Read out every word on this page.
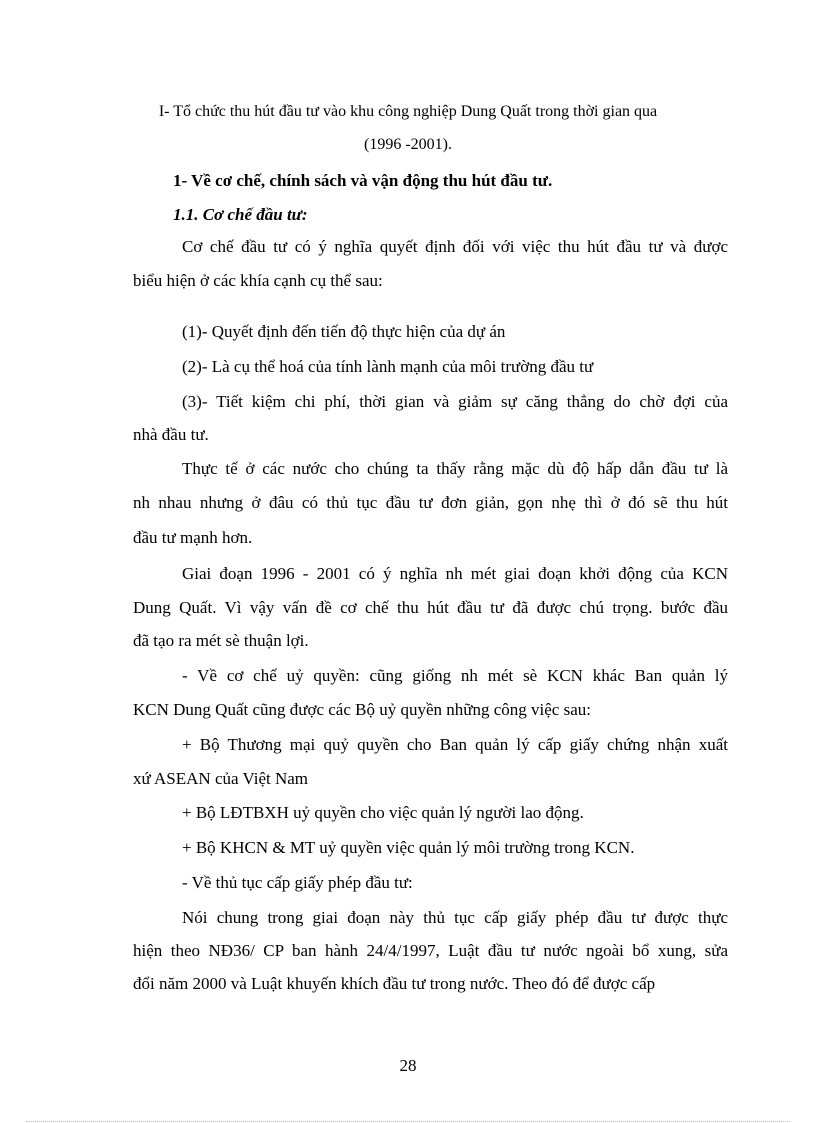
I- Tổ chức thu hút đầu tư vào khu công nghiệp Dung Quất trong thời gian qua
(1996 -2001).
1- Về cơ chế, chính sách và vận động thu hút đầu tư.
1.1. Cơ chế đầu tư:
Cơ chế đầu tư có ý nghĩa quyết định đối với việc thu hút đầu tư và được
biểu hiện ở các khía cạnh cụ thể sau:
(1)- Quyết định đến tiến độ thực hiện của dự án
(2)- Là cụ thể hoá của tính lành mạnh của môi trường đầu tư
(3)- Tiết kiệm chi phí, thời gian và giảm sự căng thẳng do chờ đợi của
nhà đầu tư.
Thực tế ở các nước cho chúng ta thấy rằng mặc dù độ hấp dẫn đầu tư là
nh nhau nhưng ở đâu có thủ tục đầu tư đơn giản, gọn nhẹ thì ở đó sẽ thu hút
đầu tư mạnh hơn.
Giai đoạn 1996 - 2001 có ý nghĩa nh mét giai đoạn khởi động của KCN
Dung Quất. Vì vậy vấn đề cơ chế thu hút đầu tư đã được chú trọng. bước đầu
đã tạo ra mét sè thuận lợi.
- Về cơ chế uỷ quyền: cũng giống nh mét sè KCN khác Ban quản lý
KCN Dung Quất cũng được các Bộ uỷ quyền những công việc sau:
+ Bộ Thương mại quỷ quyền cho Ban quản lý cấp giấy chứng nhận xuất
xứ ASEAN của Việt Nam
+ Bộ LĐTBXH uỷ quyền cho việc quản lý người lao động.
+ Bộ KHCN & MT uỷ quyền việc quản lý môi trường trong KCN.
- Về thủ tục cấp giấy phép đầu tư:
Nói chung trong giai đoạn này thủ tục cấp giấy phép đầu tư được thực
hiện theo NĐ36/ CP ban hành 24/4/1997, Luật đầu tư nước ngoài bổ xung, sửa
đổi năm 2000 và Luật khuyến khích đầu tư trong nước. Theo đó để được cấp
28
